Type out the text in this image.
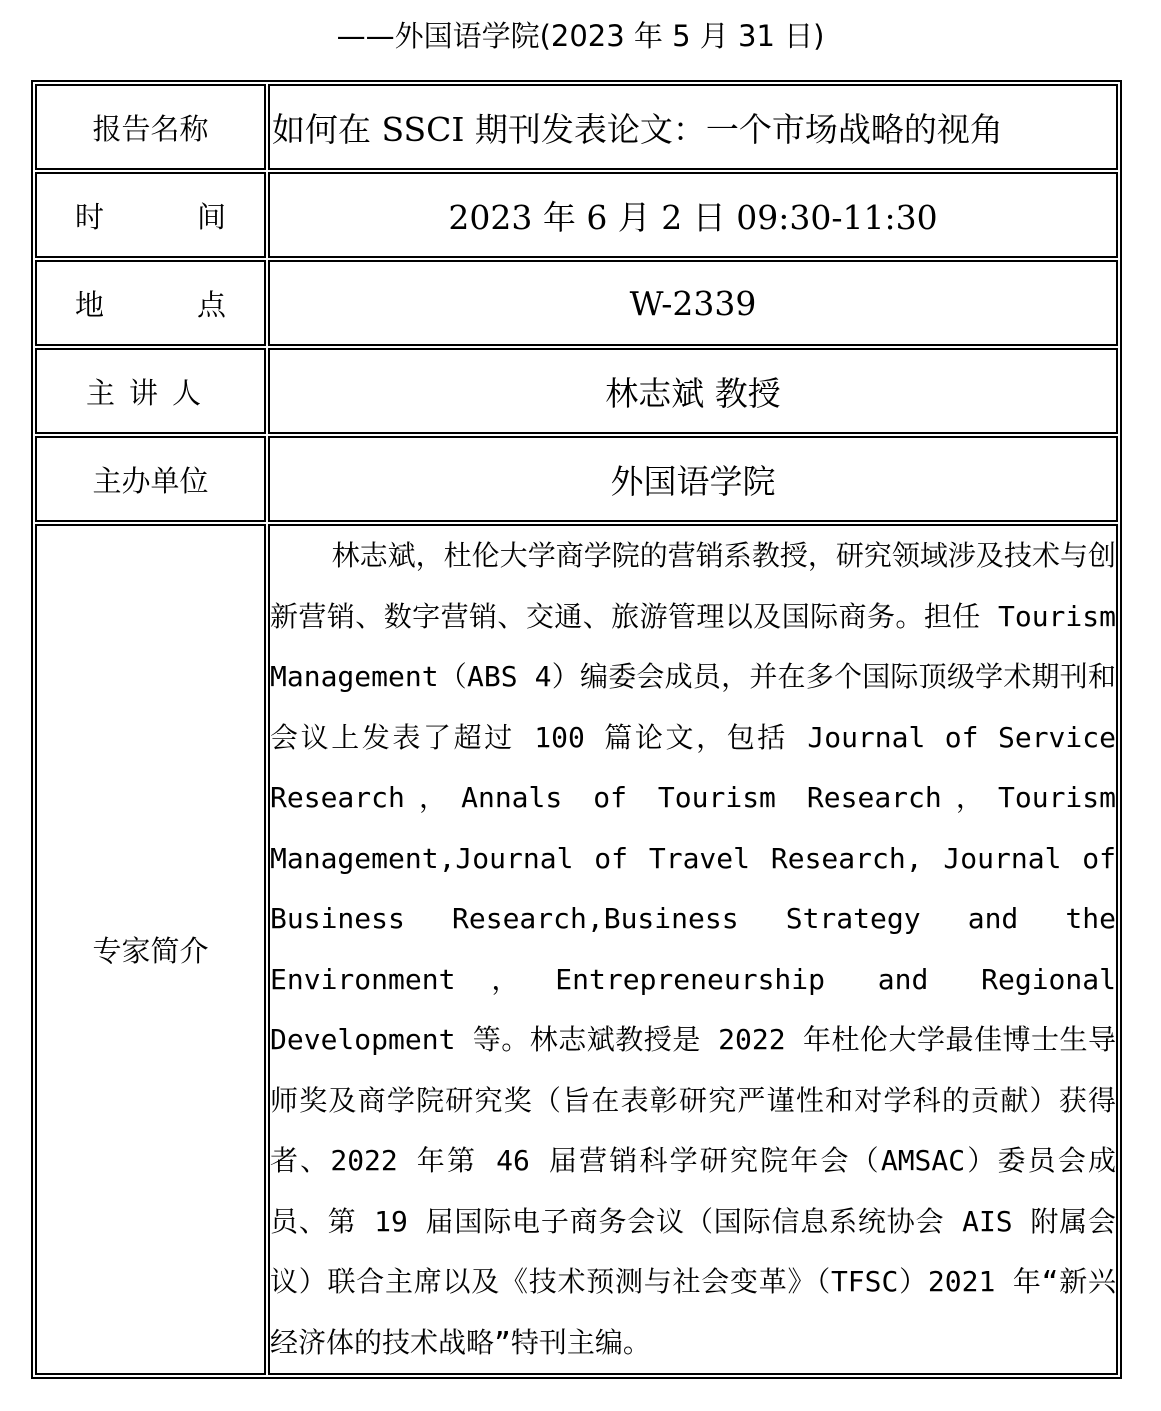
——外国语学院(2023 年 5 月 31 日)
报告名称	如何在 SSCI 期刊发表论文：一个市场战略的视角
时间	2023 年 6 月 2 日 09:30-11:30
地点	W-2339
主讲人	林志斌 教授
主办单位	外国语学院
专家简介	林志斌，杜伦大学商学院的营销系教授，研究领域涉及技术与创新营销、数字营销、交通、旅游管理以及国际商务。担任 Tourism Management（ABS 4）编委会成员，并在多个国际顶级学术期刊和会议上发表了超过 100 篇论文，包括 Journal of Service Research，Annals of Tourism Research，Tourism Management,Journal of Travel Research, Journal of Business Research,Business Strategy and the Environment，Entrepreneurship and Regional Development 等。林志斌教授是 2022 年杜伦大学最佳博士生导师奖及商学院研究奖（旨在表彰研究严谨性和对学科的贡献）获得者、2022 年第 46 届营销科学研究院年会（AMSAC）委员会成员、第 19 届国际电子商务会议（国际信息系统协会 AIS 附属会议）联合主席以及《技术预测与社会变革》（TFSC）2021 年“新兴经济体的技术战略”特刊主编。
